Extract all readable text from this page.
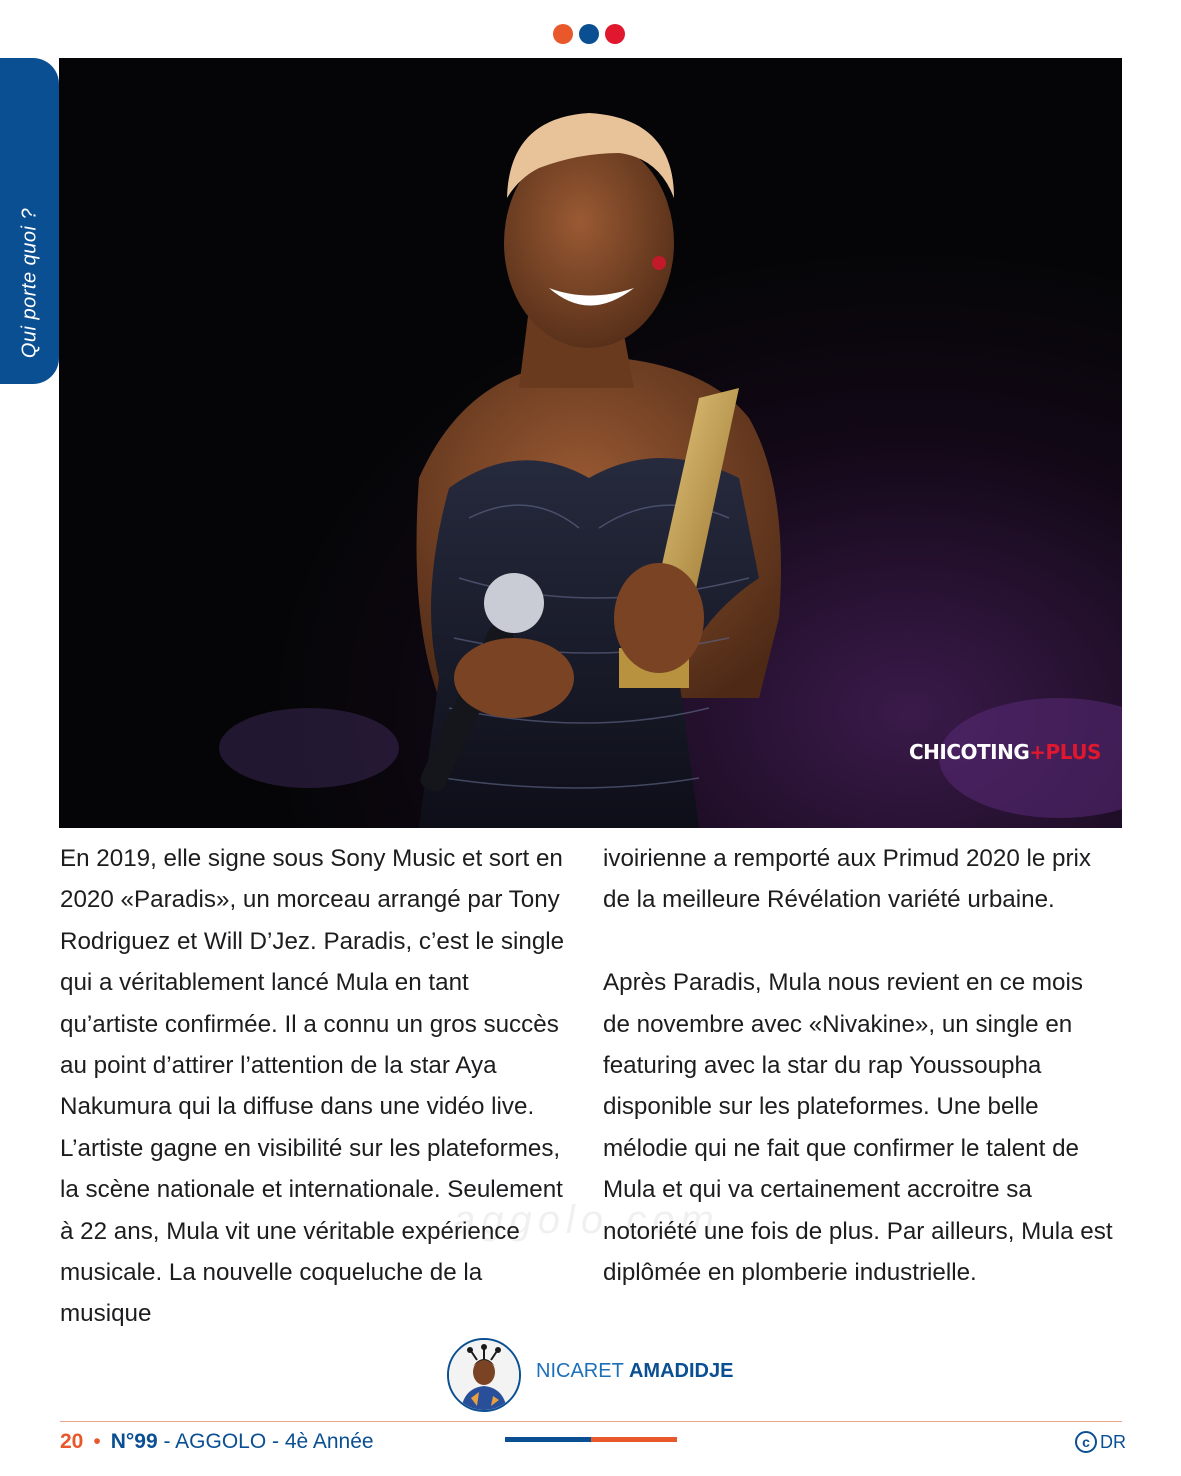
Qui porte quoi ?
CHICOTING+PLUS

En 2019, elle signe sous Sony Music et sort en 2020 «Paradis», un morceau arrangé par Tony Rodriguez et Will D’Jez. Paradis, c’est le single qui a véritablement lancé Mula en tant qu’artiste confirmée. Il a connu un gros succès au point d’attirer l’attention de la star Aya Nakumura qui la diffuse dans une vidéo live. L’artiste gagne en visibilité sur les plateformes, la scène nationale et internationale. Seulement à 22 ans, Mula vit une véritable expérience musicale. La nouvelle coqueluche de la musique

ivoirienne a remporté aux Primud 2020 le prix de la meilleure Révélation variété urbaine.

Après Paradis, Mula nous revient en ce mois de novembre avec «Nivakine», un single en featuring avec la star du rap Youssoupha disponible sur les plateformes. Une belle mélodie qui ne fait que confirmer le talent de Mula et qui va certainement accroitre sa notoriété une fois de plus. Par ailleurs, Mula est diplômée en plomberie industrielle.

aggolo.com
NICARET AMADIDJE
20 • N°99 - AGGOLO - 4è Année	c DR
